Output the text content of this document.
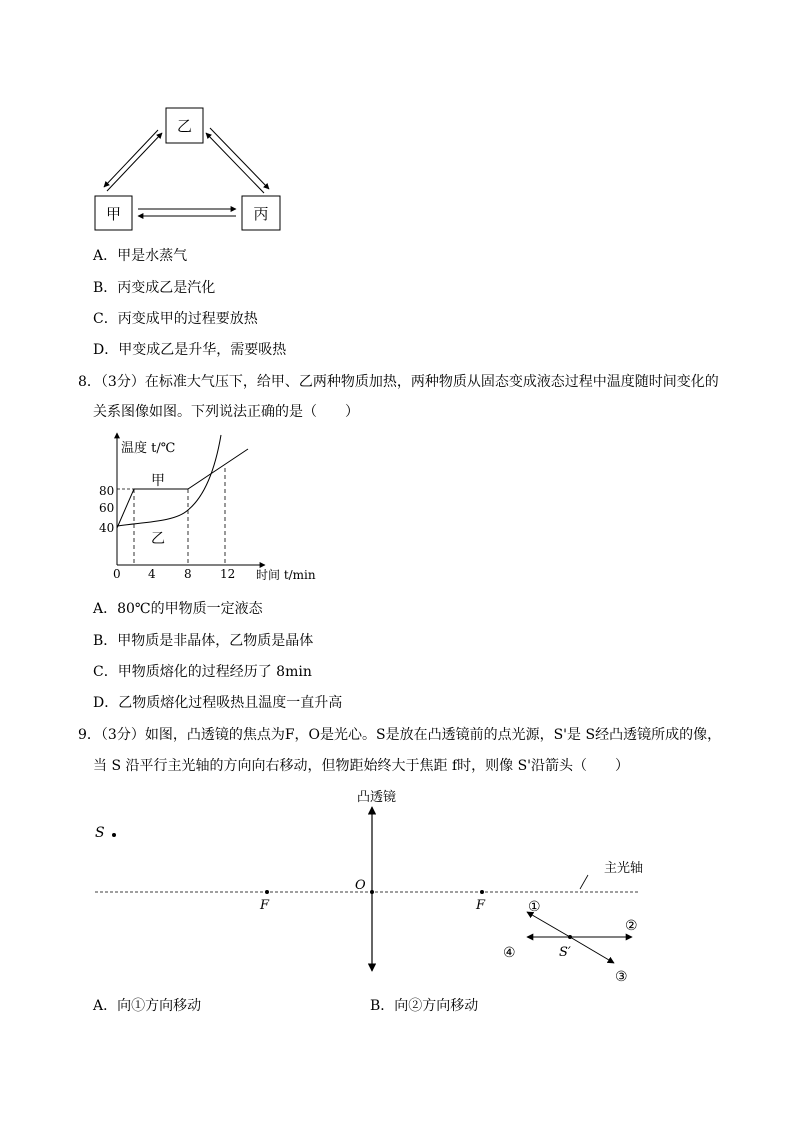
乙
甲	丙
A．甲是水蒸气
B．丙变成乙是汽化
C．丙变成甲的过程要放热
D．甲变成乙是升华，需要吸热
8．（3分）在标准大气压下，给甲、乙两种物质加热，两种物质从固态变成液态过程中温度随时间变化的
关系图像如图。下列说法正确的是（　　）
温度 t/℃
80
60
40
0 4 8 12 时间 t/min
甲
乙
A．80℃的甲物质一定液态
B．甲物质是非晶体，乙物质是晶体
C．甲物质熔化的过程经历了 8min
D．乙物质熔化过程吸热且温度一直升高
9．（3分）如图，凸透镜的焦点为F，O是光心。S是放在凸透镜前的点光源，S'是 S经凸透镜所成的像，
当 S 沿平行主光轴的方向向右移动，但物距始终大于焦距 f时，则像 S'沿箭头（　　）
凸透镜
主光轴
S
O
F	F
S′
①
②
③
④
A．向①方向移动	B．向②方向移动
